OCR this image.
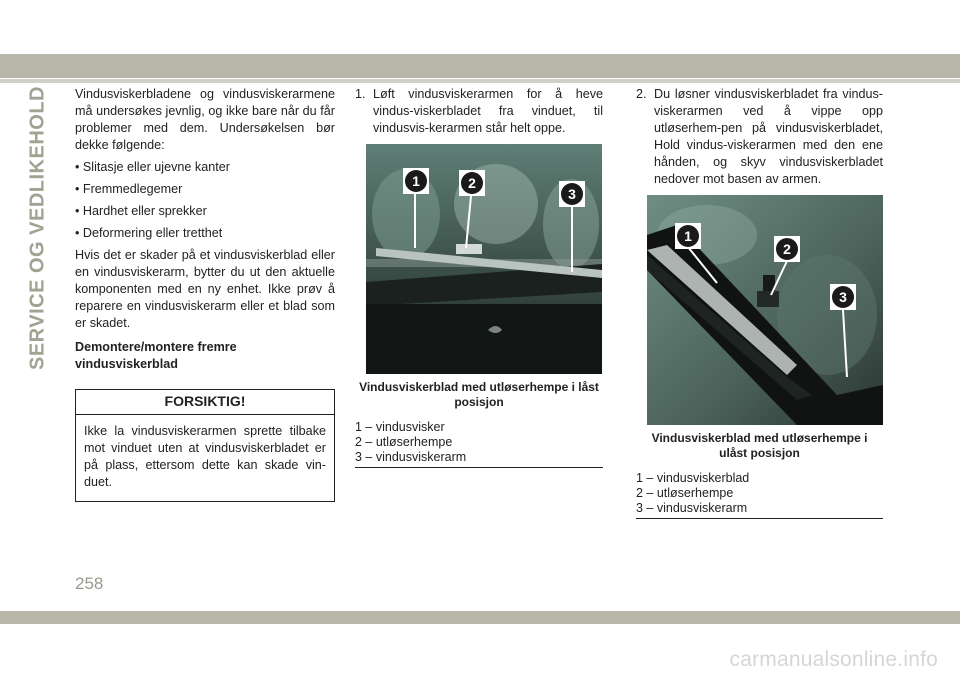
SERVICE OG VEDLIKEHOLD Vindusviskerbladene og vindusviskerarmene må undersøkes jevnlig, og ikke bare når du får problemer med dem. Undersøkelsen bør dekke følgende:

• Slitasje eller ujevne kanter
• Fremmedlegemer
• Hardhet eller sprekker
• Deformering eller tretthet

Hvis det er skader på et vindusviskerblad eller en vindusviskerarm, bytter du ut den aktuelle komponenten med en ny enhet. Ikke prøv å reparere en vindusviskerarm eller et blad som er skadet.

Demontere/montere fremre vindusviskerblad
FORSIKTIG!
Ikke la vindusviskerarmen sprette tilbake mot vinduet uten at vindusviskerbladet er på plass, ettersom dette kan skade vin-duet.
1. Løft vindusviskerarmen for å heve vindus-viskerbladet fra vinduet, til vindusvis-kerarmen står helt oppe.
1	2
3
Vindusviskerblad med utløserhempe i låst posisjon
1 – vindusvisker
2 – utløserhempe
3 – vindusviskerarm
2. Du løsner vindusviskerbladet fra vindus-viskerarmen ved å vippe opp utløserhem-pen på vindusviskerbladet, Hold vindus-viskerarmen med den ene hånden, og skyv vindusviskerbladet nedover mot basen av armen.
1
2
3
Vindusviskerblad med utløserhempe i ulåst posisjon
1 – vindusviskerblad
2 – utløserhempe
3 – vindusviskerarm
258
carmanualsonline.info
